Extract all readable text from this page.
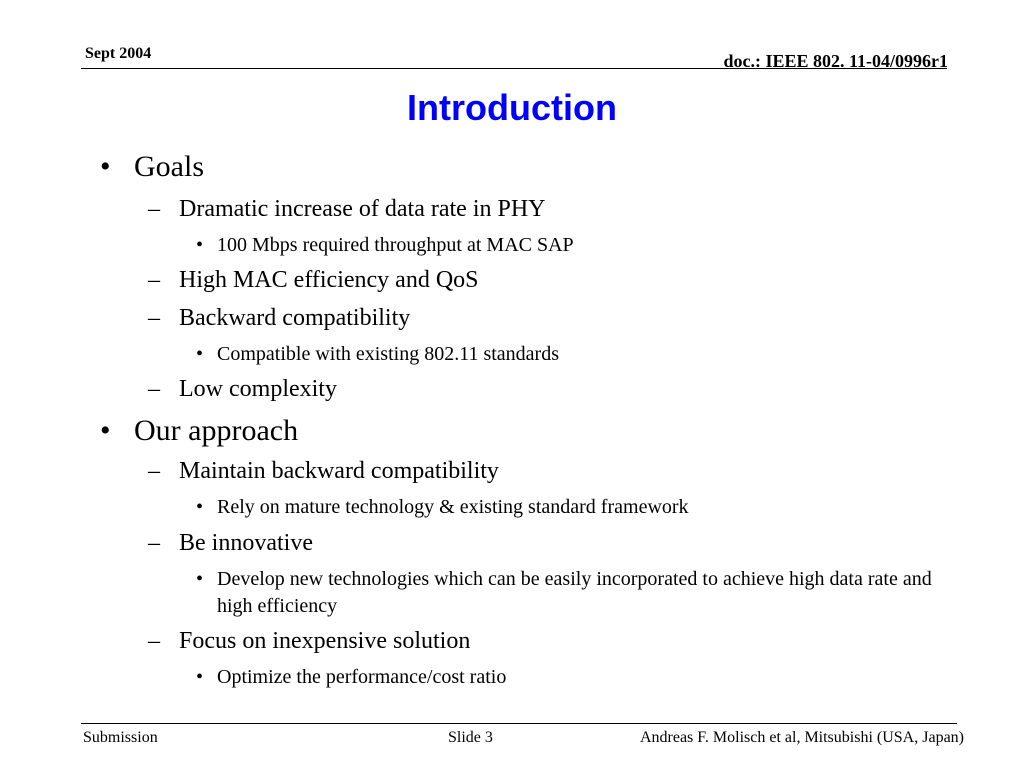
Sept 2004	doc.: IEEE 802. 11-04/0996r1
Introduction
• Goals
– Dramatic increase of data rate in PHY
• 100 Mbps required throughput at MAC SAP
– High MAC efficiency and QoS
– Backward compatibility
• Compatible with existing 802.11 standards
– Low complexity
• Our approach
– Maintain backward compatibility
• Rely on mature technology & existing standard framework
– Be innovative
• Develop new technologies which can be easily incorporated to achieve high data rate and high efficiency
– Focus on inexpensive solution
• Optimize the performance/cost ratio
Submission	Slide 3	Andreas F. Molisch et al, Mitsubishi (USA, Japan)
